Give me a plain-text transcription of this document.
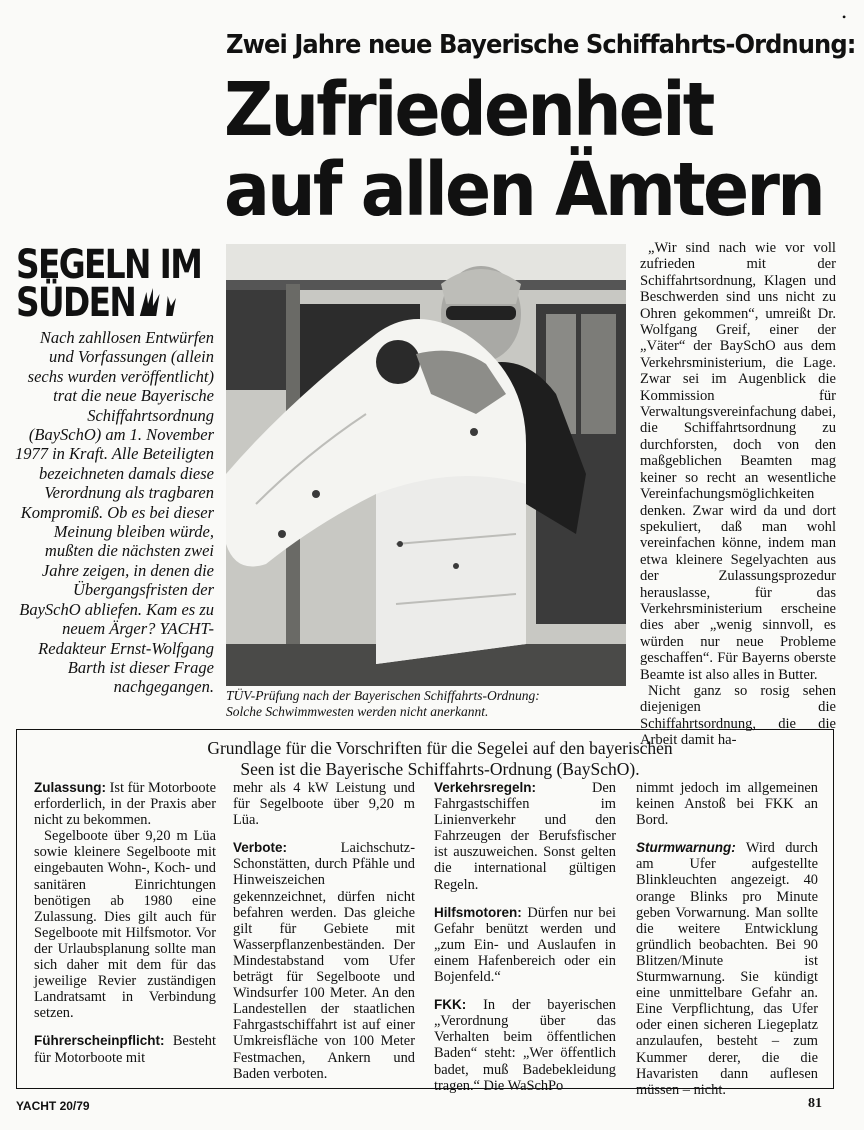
•
Zwei Jahre neue Bayerische Schiffahrts-Ordnung:
Zufriedenheit
auf allen Ämtern
SEGELN IM
SÜDEN
Nach zahllosen Entwürfen und Vorfassungen (allein sechs wurden veröffentlicht) trat die neue Bayerische Schiffahrtsordnung (BaySchO) am 1. November 1977 in Kraft. Alle Beteiligten bezeichneten damals diese Verordnung als tragbaren Kompromiß. Ob es bei dieser Meinung bleiben würde, mußten die nächsten zwei Jahre zeigen, in denen die Übergangsfristen der BaySchO abliefen. Kam es zu neuem Ärger? YACHT-Redakteur Ernst-Wolfgang Barth ist dieser Frage nachgegangen. TÜV-Prüfung nach der Bayerischen Schiffahrts-Ordnung:
Solche Schwimmwesten werden nicht anerkannt.

„Wir sind nach wie vor voll zufrieden mit der Schiffahrtsordnung, Klagen und Beschwerden sind uns nicht zu Ohren gekommen“, umreißt Dr. Wolfgang Greif, einer der „Väter“ der BaySchO aus dem Verkehrsministerium, die Lage. Zwar sei im Augenblick die Kommission für Verwaltungsvereinfachung dabei, die Schiffahrtsordnung zu durchforsten, doch von den maßgeblichen Beamten mag keiner so recht an wesentliche Vereinfachungsmöglichkeiten denken. Zwar wird da und dort spekuliert, daß man wohl vereinfachen könne, indem man etwa kleinere Segelyachten aus der Zulassungsprozedur herauslasse, für das Verkehrsministerium erscheine dies aber „wenig sinnvoll, es würden nur neue Probleme geschaffen“. Für Bayerns oberste Beamte ist also alles in Butter.

Nicht ganz so rosig sehen diejenigen die Schiffahrtsordnung, die die Arbeit damit ha-

Grundlage für die Vorschriften für die Segelei auf den bayerischen
Seen ist die Bayerische Schiffahrts-Ordnung (BaySchO).

Zulassung: Ist für Motorboote erforderlich, in der Praxis aber nicht zu bekommen.

Segelboote über 9,20 m Lüa sowie kleinere Segelboote mit eingebauten Wohn-, Koch- und sanitären Einrichtungen benötigen ab 1980 eine Zulassung. Dies gilt auch für Segelboote mit Hilfsmotor. Vor der Urlaubsplanung sollte man sich daher mit dem für das jeweilige Revier zuständigen Landratsamt in Verbindung setzen.

Führerscheinpflicht: Besteht für Motorboote mit

mehr als 4 kW Leistung und für Segelboote über 9,20 m Lüa.

Verbote: Laichschutz-Schonstätten, durch Pfähle und Hinweiszeichen gekennzeichnet, dürfen nicht befahren werden. Das gleiche gilt für Gebiete mit Wasserpflanzenbeständen. Der Mindestabstand vom Ufer beträgt für Segelboote und Windsurfer 100 Meter. An den Landestellen der staatlichen Fahrgastschiffahrt ist auf einer Umkreisfläche von 100 Meter Festmachen, Ankern und Baden verboten.

Verkehrsregeln: Den Fahrgastschiffen im Linienverkehr und den Fahrzeugen der Berufsfischer ist auszuweichen. Sonst gelten die international gültigen Regeln.

Hilfsmotoren: Dürfen nur bei Gefahr benützt werden und „zum Ein- und Auslaufen in einem Hafenbereich oder ein Bojenfeld.“

FKK: In der bayerischen „Verordnung über das Verhalten beim öffentlichen Baden“ steht: „Wer öffentlich badet, muß Badebekleidung tragen.“ Die WaSchPo

nimmt jedoch im allgemeinen keinen Anstoß bei FKK an Bord.

Sturmwarnung: Wird durch am Ufer aufgestellte Blinkleuchten angezeigt. 40 orange Blinks pro Minute geben Vorwarnung. Man sollte die weitere Entwicklung gründlich beobachten. Bei 90 Blitzen/Minute ist Sturmwarnung. Sie kündigt eine unmittelbare Gefahr an. Eine Verpflichtung, das Ufer oder einen sicheren Liegeplatz anzulaufen, besteht – zum Kummer derer, die die Havaristen dann auflesen müssen – nicht.

YACHT 20/79	81
